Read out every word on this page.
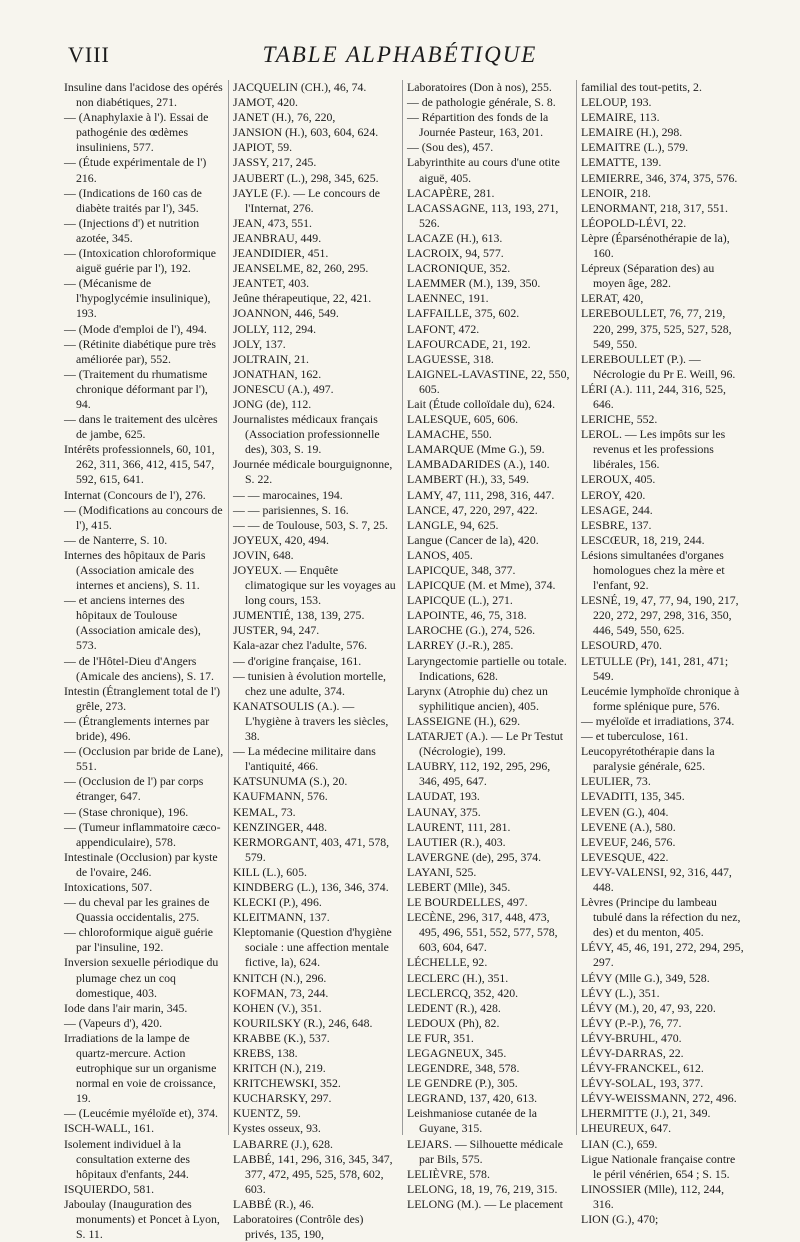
VIII	TABLE ALPHABÉTIQUE

Insuline dans l'acidose des opérés non diabétiques, 271.

— (Anaphylaxie à l'). Essai de pathogénie des œdèmes insuliniens, 577.

— (Étude expérimentale de l') 216.

— (Indications de 160 cas de diabète traités par l'), 345.

— (Injections d') et nutrition azotée, 345.

— (Intoxication chloroformique aiguë guérie par l'), 192.

— (Mécanisme de l'hypoglycémie insulinique), 193.

— (Mode d'emploi de l'), 494.

— (Rétinite diabétique pure très améliorée par), 552.

— (Traitement du rhumatisme chronique déformant par l'), 94.

— dans le traitement des ulcères de jambe, 625.

Intérêts professionnels, 60, 101, 262, 311, 366, 412, 415, 547, 592, 615, 641.

Internat (Concours de l'), 276.

— (Modifications au concours de l'), 415.

— de Nanterre, S. 10.

Internes des hôpitaux de Paris (Association amicale des internes et anciens), S. 11.

— et anciens internes des hôpitaux de Toulouse (Association amicale des), 573.

— de l'Hôtel-Dieu d'Angers (Amicale des anciens), S. 17.

Intestin (Étranglement total de l') grêle, 273.

— (Étranglements internes par bride), 496.

— (Occlusion par bride de Lane), 551.

— (Occlusion de l') par corps étranger, 647.

— (Stase chronique), 196.

— (Tumeur inflammatoire cæco-appendiculaire), 578.

Intestinale (Occlusion) par kyste de l'ovaire, 246.

Intoxications, 507.

— du cheval par les graines de Quassia occidentalis, 275.

— chloroformique aiguë guérie par l'insuline, 192.

Inversion sexuelle périodique du plumage chez un coq domestique, 403.

Iode dans l'air marin, 345.

— (Vapeurs d'), 420.

Irradiations de la lampe de quartz-mercure. Action eutrophique sur un organisme normal en voie de croissance, 19.

— (Leucémie myéloïde et), 374.

ISCH-WALL, 161.

Isolement individuel à la consultation externe des hôpitaux d'enfants, 244.

ISQUIERDO, 581.

Jaboulay (Inauguration des monuments) et Poncet à Lyon, S. 11.

JACQUELIN (CH.), 46, 74.

JAMOT, 420.

JANET (H.), 76, 220,

JANSION (H.), 603, 604, 624.

JAPIOT, 59.

JASSY, 217, 245.

JAUBERT (L.), 298, 345, 625.

JAYLE (F.). — Le concours de l'Internat, 276.

JEAN, 473, 551.

JEANBRAU, 449.

JEANDIDIER, 451.

JEANSELME, 82, 260, 295.

JEANTET, 403.

Jeûne thérapeutique, 22, 421.

JOANNON, 446, 549.

JOLLY, 112, 294.

JOLY, 137.

JOLTRAIN, 21.

JONATHAN, 162.

JONESCU (A.), 497.

JONG (de), 112.

Journalistes médicaux français (Association professionnelle des), 303, S. 19.

Journée médicale bourguignonne, S. 22.

— — marocaines, 194.

— — parisiennes, S. 16.

— — de Toulouse, 503, S. 7, 25.

JOYEUX, 420, 494.

JOVIN, 648.

JOYEUX. — Enquête climatogique sur les voyages au long cours, 153.

JUMENTIÉ, 138, 139, 275.

JUSTER, 94, 247.

Kala-azar chez l'adulte, 576.

— d'origine française, 161.

— tunisien à évolution mortelle, chez une adulte, 374.

KANATSOULIS (A.). — L'hygiène à travers les siècles, 38.

— La médecine militaire dans l'antiquité, 466.

KATSUNUMA (S.), 20.

KAUFMANN, 576.

KEMAL, 73.

KENZINGER, 448.

KERMORGANT, 403, 471, 578, 579.

KILL (L.), 605.

KINDBERG (L.), 136, 346, 374.

KLECKI (P.), 496.

KLEITMANN, 137.

Kleptomanie (Question d'hygiène sociale : une affection mentale fictive, la), 624.

KNITCH (N.), 296.

KOFMAN, 73, 244.

KOHEN (V.), 351.

KOURILSKY (R.), 246, 648.

KRABBE (K.), 537.

KREBS, 138.

KRITCH (N.), 219.

KRITCHEWSKI, 352.

KUCHARSKY, 297.

KUENTZ, 59.

Kystes osseux, 93.

LABARRE (J.), 628.

LABBÉ, 141, 296, 316, 345, 347, 377, 472, 495, 525, 578, 602, 603.

LABBÉ (R.), 46.

Laboratoires (Contrôle des) privés, 135, 190,

Laboratoires (Don à nos), 255.

— de pathologie générale, S. 8.

— Répartition des fonds de la Journée Pasteur, 163, 201.

— (Sou des), 457.

Labyrinthite au cours d'une otite aiguë, 405.

LACAPÈRE, 281.

LACASSAGNE, 113, 193, 271, 526.

LACAZE (H.), 613.

LACROIX, 94, 577.

LACRONIQUE, 352.

LAEMMER (M.), 139, 350.

LAENNEC, 191.

LAFFAILLE, 375, 602.

LAFONT, 472.

LAFOURCADE, 21, 192.

LAGUESSE, 318.

LAIGNEL-LAVASTINE, 22, 550, 605.

Lait (Étude colloïdale du), 624.

LALESQUE, 605, 606.

LAMACHE, 550.

LAMARQUE (Mme G.), 59.

LAMBADARIDES (A.), 140.

LAMBERT (H.), 33, 549.

LAMY, 47, 111, 298, 316, 447.

LANCE, 47, 220, 297, 422.

LANGLE, 94, 625.

Langue (Cancer de la), 420.

LANOS, 405.

LAPICQUE, 348, 377.

LAPICQUE (M. et Mme), 374.

LAPICQUE (L.), 271.

LAPOINTE, 46, 75, 318.

LAROCHE (G.), 274, 526.

LARREY (J.-R.), 285.

Laryngectomie partielle ou totale. Indications, 628.

Larynx (Atrophie du) chez un syphilitique ancien), 405.

LASSEIGNE (H.), 629.

LATARJET (A.). — Le Pr Testut (Nécrologie), 199.

LAUBRY, 112, 192, 295, 296, 346, 495, 647.

LAUDAT, 193.

LAUNAY, 375.

LAURENT, 111, 281.

LAUTIER (R.), 403.

LAVERGNE (de), 295, 374.

LAYANI, 525.

LEBERT (Mlle), 345.

LE BOURDELLES, 497.

LECÈNE, 296, 317, 448, 473, 495, 496, 551, 552, 577, 578, 603, 604, 647.

LÉCHELLE, 92.

LECLERC (H.), 351.

LECLERCQ, 352, 420.

LEDENT (R.), 428.

LEDOUX (Ph), 82.

LE FUR, 351.

LEGAGNEUX, 345.

LEGENDRE, 348, 578.

LE GENDRE (P.), 305.

LEGRAND, 137, 420, 613.

Leishmaniose cutanée de la Guyane, 315.

LEJARS. — Silhouette médicale par Bils, 575.

LELIÈVRE, 578.

LELONG, 18, 19, 76, 219, 315.

LELONG (M.). — Le placement

familial des tout-petits, 2.

LELOUP, 193.

LEMAIRE, 113.

LEMAIRE (H.), 298.

LEMAITRE (L.), 579.

LEMATTE, 139.

LEMIERRE, 346, 374, 375, 576.

LENOIR, 218.

LENORMANT, 218, 317, 551.

LÉOPOLD-LÉVI, 22.

Lèpre (Éparsénothérapie de la), 160.

Lépreux (Séparation des) au moyen âge, 282.

LERAT, 420,

LEREBOULLET, 76, 77, 219, 220, 299, 375, 525, 527, 528, 549, 550.

LEREBOULLET (P.). — Nécrologie du Pr E. Weill, 96.

LÉRI (A.). 111, 244, 316, 525, 646.

LERICHE, 552.

LEROL. — Les impôts sur les revenus et les professions libérales, 156.

LEROUX, 405.

LEROY, 420.

LESAGE, 244.

LESBRE, 137.

LESCŒUR, 18, 219, 244.

Lésions simultanées d'organes homologues chez la mère et l'enfant, 92.

LESNÉ, 19, 47, 77, 94, 190, 217, 220, 272, 297, 298, 316, 350, 446, 549, 550, 625.

LESOURD, 470.

LETULLE (Pr), 141, 281, 471; 549.

Leucémie lymphoïde chronique à forme splénique pure, 576.

— myéloïde et irradiations, 374.

— et tuberculose, 161.

Leucopyrétothérapie dans la paralysie générale, 625.

LEULIER, 73.

LEVADITI, 135, 345.

LEVEN (G.), 404.

LEVENE (A.), 580.

LEVEUF, 246, 576.

LEVESQUE, 422.

LEVY-VALENSI, 92, 316, 447, 448.

Lèvres (Principe du lambeau tubulé dans la réfection du nez, des) et du menton, 405.

LÉVY, 45, 46, 191, 272, 294, 295, 297.

LÉVY (Mlle G.), 349, 528.

LÉVY (L.), 351.

LÉVY (M.), 20, 47, 93, 220.

LÉVY (P.-P.), 76, 77.

LÉVY-BRUHL, 470.

LÉVY-DARRAS, 22.

LÉVY-FRANCKEL, 612.

LÉVY-SOLAL, 193, 377.

LÉVY-WEISSMANN, 272, 496.

LHERMITTE (J.), 21, 349.

LHEUREUX, 647.

LIAN (C.), 659.

Ligue Nationale française contre le péril vénérien, 654 ; S. 15.

LINOSSIER (Mlle), 112, 244, 316.

LION (G.), 470;
